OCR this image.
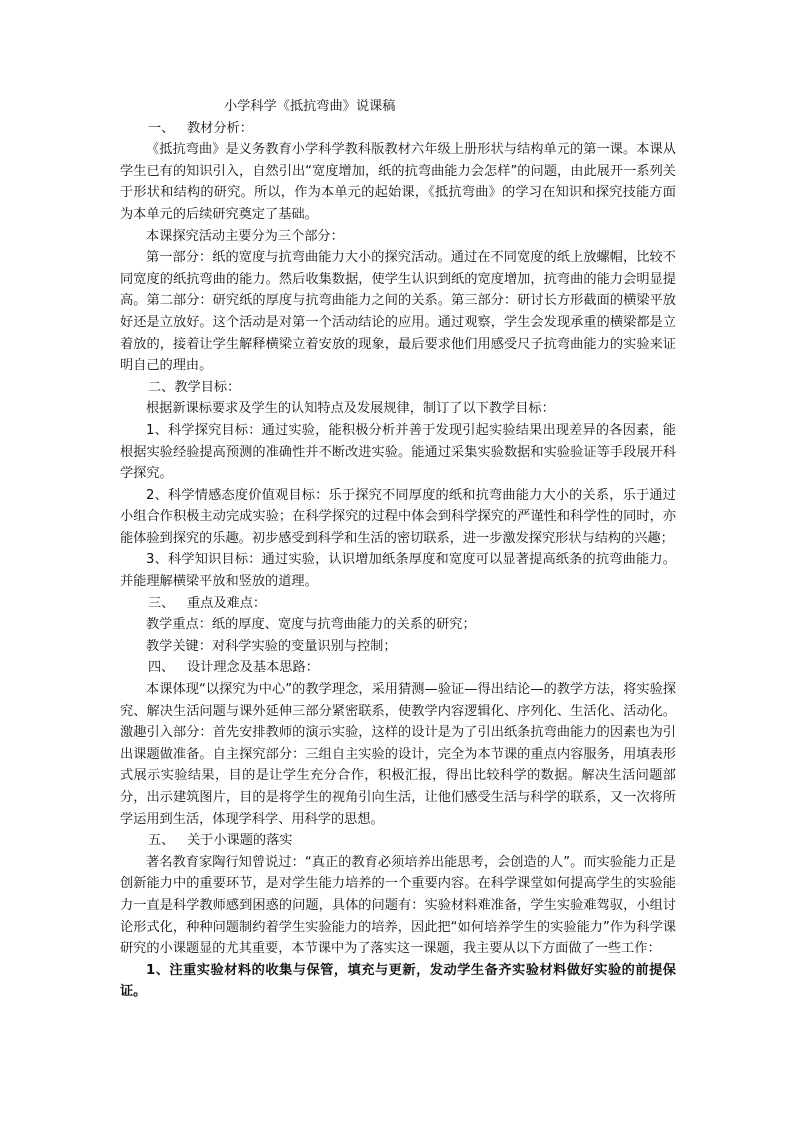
小学科学《抵抗弯曲》说课稿

一、   教材分析：

《抵抗弯曲》是义务教育小学科学教科版教材六年级上册形状与结构单元的第一课。本课从学生已有的知识引入，自然引出“宽度增加，纸的抗弯曲能力会怎样”的问题，由此展开一系列关于形状和结构的研究。所以，作为本单元的起始课，《抵抗弯曲》的学习在知识和探究技能方面为本单元的后续研究奠定了基础。

本课探究活动主要分为三个部分：

第一部分：纸的宽度与抗弯曲能力大小的探究活动。通过在不同宽度的纸上放螺帽，比较不同宽度的纸抗弯曲的能力。然后收集数据，使学生认识到纸的宽度增加，抗弯曲的能力会明显提高。第二部分：研究纸的厚度与抗弯曲能力之间的关系。第三部分：研讨长方形截面的横梁平放好还是立放好。这个活动是对第一个活动结论的应用。通过观察，学生会发现承重的横梁都是立着放的，接着让学生解释横梁立着安放的现象，最后要求他们用感受尺子抗弯曲能力的实验来证明自己的理由。

二、教学目标：

根据新课标要求及学生的认知特点及发展规律，制订了以下教学目标：

1、科学探究目标：通过实验，能积极分析并善于发现引起实验结果出现差异的各因素，能根据实验经验提高预测的准确性并不断改进实验。能通过采集实验数据和实验验证等手段展开科学探究。

2、科学情感态度价值观目标：乐于探究不同厚度的纸和抗弯曲能力大小的关系，乐于通过小组合作积极主动完成实验；在科学探究的过程中体会到科学探究的严谨性和科学性的同时，亦能体验到探究的乐趣。初步感受到科学和生活的密切联系，进一步激发探究形状与结构的兴趣；

3、科学知识目标：通过实验，认识增加纸条厚度和宽度可以显著提高纸条的抗弯曲能力。并能理解横梁平放和竖放的道理。

三、   重点及难点：

教学重点：纸的厚度、宽度与抗弯曲能力的关系的研究；

教学关键：对科学实验的变量识别与控制；

四、   设计理念及基本思路：

本课体现“以探究为中心”的教学理念，采用猜测—验证—得出结论—的教学方法，将实验探究、解决生活问题与课外延伸三部分紧密联系，使教学内容逻辑化、序列化、生活化、活动化。激趣引入部分：首先安排教师的演示实验，这样的设计是为了引出纸条抗弯曲能力的因素也为引出课题做准备。自主探究部分：三组自主实验的设计，完全为本节课的重点内容服务，用填表形式展示实验结果，目的是让学生充分合作，积极汇报，得出比较科学的数据。解决生活问题部分，出示建筑图片，目的是将学生的视角引向生活，让他们感受生活与科学的联系，又一次将所学运用到生活，体现学科学、用科学的思想。

五、   关于小课题的落实

著名教育家陶行知曾说过：“真正的教育必须培养出能思考，会创造的人”。而实验能力正是创新能力中的重要环节，是对学生能力培养的一个重要内容。在科学课堂如何提高学生的实验能力一直是科学教师感到困惑的问题，具体的问题有：实验材料难准备，学生实验难驾驭，小组讨论形式化，种种问题制约着学生实验能力的培养，因此把“如何培养学生的实验能力”作为科学课研究的小课题显的尤其重要，本节课中为了落实这一课题，我主要从以下方面做了一些工作：

1、注重实验材料的收集与保管，填充与更新，发动学生备齐实验材料做好实验的前提保证。
